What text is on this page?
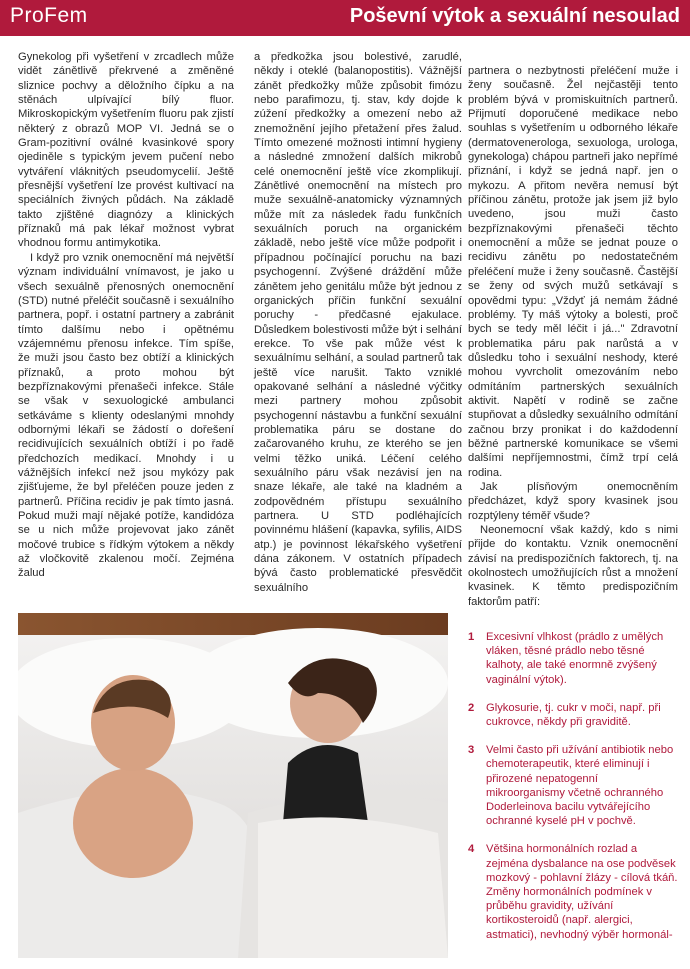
ProFem	Poševní výtok a sexuální nesoulad

Gynekolog při vyšetření v zrcadlech může vidět zánětlivě překrvené a změněné sliznice pochvy a děložního čípku a na stěnách ulpívající bílý fluor. Mikroskopickým vyšetřením fluoru pak zjistí některý z obrazů MOP VI. Jedná se o Gram-pozitivní oválné kvasinkové spory ojediněle s typickým jevem pučení nebo vytváření vláknitých pseudomycelií. Ještě přesnější vyšetření lze provést kultivací na speciálních živných půdách. Na základě takto zjištěné diagnózy a klinických příznaků má pak lékař možnost vybrat vhodnou formu antimykotika.

I když pro vznik onemocnění má největší význam individuální vnímavost, je jako u všech sexuálně přenosných onemocnění (STD) nutné přeléčit současně i sexuálního partnera, popř. i ostatní partnery a zabránit tímto dalšímu nebo i opětnému vzájemnému přenosu infekce. Tím spíše, že muži jsou často bez obtíží a klinických příznaků, a proto mohou být bezpříznakovými přenašeči infekce. Stále se však v sexuologické ambulanci setkáváme s klienty odeslanými mnohdy odbornými lékaři se žádostí o dořešení recidivujících sexuálních obtíží i po řadě předchozích medikací. Mnohdy i u vážnějších infekcí než jsou mykózy pak zjišťujeme, že byl přeléčen pouze jeden z partnerů. Příčina recidiv je pak tímto jasná. Pokud muži mají nějaké potíže, kandidóza se u nich může projevovat jako zánět močové trubice s řídkým výtokem a někdy až vločkovitě zkalenou močí. Zejména žalud

a předkožka jsou bolestivé, zarudlé, někdy i oteklé (balanopostitis). Vážnější zánět předkožky může způsobit fimózu nebo parafimozu, tj. stav, kdy dojde k zúžení předkožky a omezení nebo až znemožnění jejího přetažení přes žalud. Tímto omezené možnosti intimní hygieny a následné zmnožení dalších mikrobů celé onemocnění ještě více zkomplikují. Zánětlivé onemocnění na místech pro muže sexuálně-anatomicky významných může mít za následek řadu funkčních sexuálních poruch na organickém základě, nebo ještě více může podpořit i případnou počínající poruchu na bazi psychogenní. Zvýšené dráždění může zánětem jeho genitálu může být jednou z organických příčin funkční sexuální poruchy - předčasné ejakulace. Důsledkem bolestivosti může být i selhání erekce. To vše pak může vést k sexuálnímu selhání, a soulad partnerů tak ještě více narušit. Takto vzniklé opakované selhání a následné výčitky mezi partnery mohou způsobit psychogenní nástavbu a funkční sexuální problematika páru se dostane do začarovaného kruhu, ze kterého se jen velmi těžko uniká. Léčení celého sexuálního páru však nezávisí jen na snaze lékaře, ale také na kladném a zodpovědném přístupu sexuálního partnera. U STD podléhajících povinnému hlášení (kapavka, syfilis, AIDS atp.) je povinnost lékařského vyšetření dána zákonem. V ostatních případech bývá často problematické přesvědčit sexuálního

partnera o nezbytnosti přeléčení muže i ženy současně. Žel nejčastěji tento problém bývá v promiskuitních partnerů. Přijmutí doporučené medikace nebo souhlas s vyšetřením u odborného lékaře (dermatovenerologa, sexuologa, urologa, gynekologa) chápou partneři jako nepřímé přiznání, i když se jedná např. jen o mykozu. A přitom nevěra nemusí být příčinou zánětu, protože jak jsem již bylo uvedeno, jsou muži často bezpříznakovými přenašeči těchto onemocnění a může se jednat pouze o recidivu zánětu po nedostatečném přeléčení muže i ženy současně. Častější se ženy od svých mužů setkávají s opovědmi typu: „Vždyť já nemám žádné problémy. Ty máš výtoky a bolesti, proč bych se tedy měl léčit i já..." Zdravotní problematika páru pak narůstá a v důsledku toho i sexuální neshody, které mohou vyvrcholit omezováním nebo odmítáním partnerských sexuálních aktivit. Napětí v rodině se začne stupňovat a důsledky sexuálního odmítání začnou brzy pronikat i do každodenní běžné partnerské komunikace se všemi dalšími nepříjemnostmi, čímž trpí celá rodina.

Jak plísňovým onemocněním předcházet, když spory kvasinek jsou rozptýleny téměř všude?

Neonemocní však každý, kdo s nimi přijde do kontaktu. Vznik onemocnění závisí na predispozičních faktorech, tj. na okolnostech umožňujících růst a množení kvasinek. K těmto predispozičním faktorům patří:

1 Excesivní vlhkost (prádlo z umělých vláken, těsné prádlo nebo těsné kalhoty, ale také enormně zvýšený vaginální výtok).
2 Glykosurie, tj. cukr v moči, např. při cukrovce, někdy při graviditě.
3 Velmi často při užívání antibiotik nebo chemoterapeutik, které eliminují i přirozené nepatogenní mikroorganismy včetně ochranného Doderleinova bacilu vytvářejícího ochranné kyselé pH v pochvě.
4 Většina hormonálních rozlad a zejména dysbalance na ose podvěsek mozkový - pohlavní žlázy - cílová tkáň. Změny hormonálních podmínek v průběhu gravidity, užívání kortikosteroidů (např. alergici, astmatici), nevhodný výběr hormonál-
